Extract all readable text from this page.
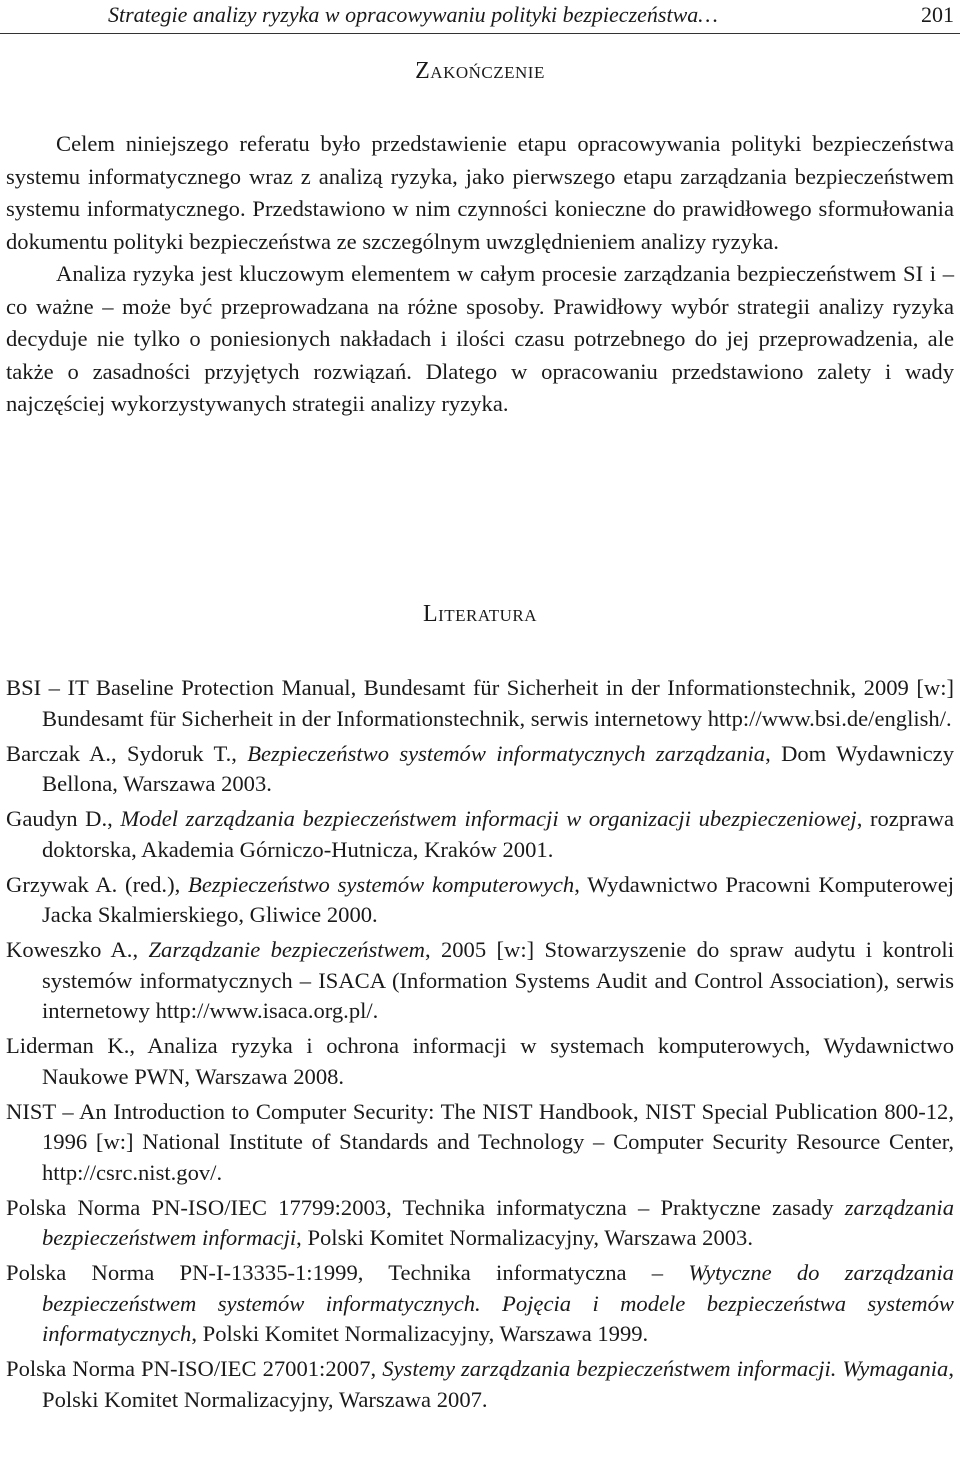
Strategie analizy ryzyka w opracowywaniu polityki bezpieczeństwa…	201
Zakończenie

Celem niniejszego referatu było przedstawienie etapu opracowywania polityki bezpieczeństwa systemu informatycznego wraz z analizą ryzyka, jako pierwszego etapu zarządzania bezpieczeństwem systemu informatycznego. Przedstawiono w nim czynności konieczne do prawidłowego sformułowania dokumentu polityki bezpieczeństwa ze szczególnym uwzględnieniem analizy ryzyka.

Analiza ryzyka jest kluczowym elementem w całym procesie zarządzania bezpieczeństwem SI i – co ważne – może być przeprowadzana na różne sposoby. Prawidłowy wybór strategii analizy ryzyka decyduje nie tylko o poniesionych nakładach i ilości czasu potrzebnego do jej przeprowadzenia, ale także o zasadności przyjętych rozwiązań. Dlatego w opracowaniu przedstawiono zalety i wady najczęściej wykorzystywanych strategii analizy ryzyka.

Literatura

BSI – IT Baseline Protection Manual, Bundesamt für Sicherheit in der Informationstechnik, 2009 [w:] Bundesamt für Sicherheit in der Informationstechnik, serwis internetowy http://www.bsi.de/english/.

Barczak A., Sydoruk T., Bezpieczeństwo systemów informatycznych zarządzania, Dom Wydawniczy Bellona, Warszawa 2003.

Gaudyn D., Model zarządzania bezpieczeństwem informacji w organizacji ubezpieczeniowej, rozprawa doktorska, Akademia Górniczo-Hutnicza, Kraków 2001.

Grzywak A. (red.), Bezpieczeństwo systemów komputerowych, Wydawnictwo Pracowni Komputerowej Jacka Skalmierskiego, Gliwice 2000.

Koweszko A., Zarządzanie bezpieczeństwem, 2005 [w:] Stowarzyszenie do spraw audytu i kontroli systemów informatycznych – ISACA (Information Systems Audit and Control Association), serwis internetowy http://www.isaca.org.pl/.

Liderman K., Analiza ryzyka i ochrona informacji w systemach komputerowych, Wydawnictwo Naukowe PWN, Warszawa 2008.

NIST – An Introduction to Computer Security: The NIST Handbook, NIST Special Publication 800-12, 1996 [w:] National Institute of Standards and Technology – Computer Security Resource Center, http://csrc.nist.gov/.

Polska Norma PN-ISO/IEC 17799:2003, Technika informatyczna – Praktyczne zasady zarządzania bezpieczeństwem informacji, Polski Komitet Normalizacyjny, Warszawa 2003.

Polska Norma PN-I-13335-1:1999, Technika informatyczna – Wytyczne do zarządzania bezpieczeństwem systemów informatycznych. Pojęcia i modele bezpieczeństwa systemów informatycznych, Polski Komitet Normalizacyjny, Warszawa 1999.

Polska Norma PN-ISO/IEC 27001:2007, Systemy zarządzania bezpieczeństwem informacji. Wymagania, Polski Komitet Normalizacyjny, Warszawa 2007.
